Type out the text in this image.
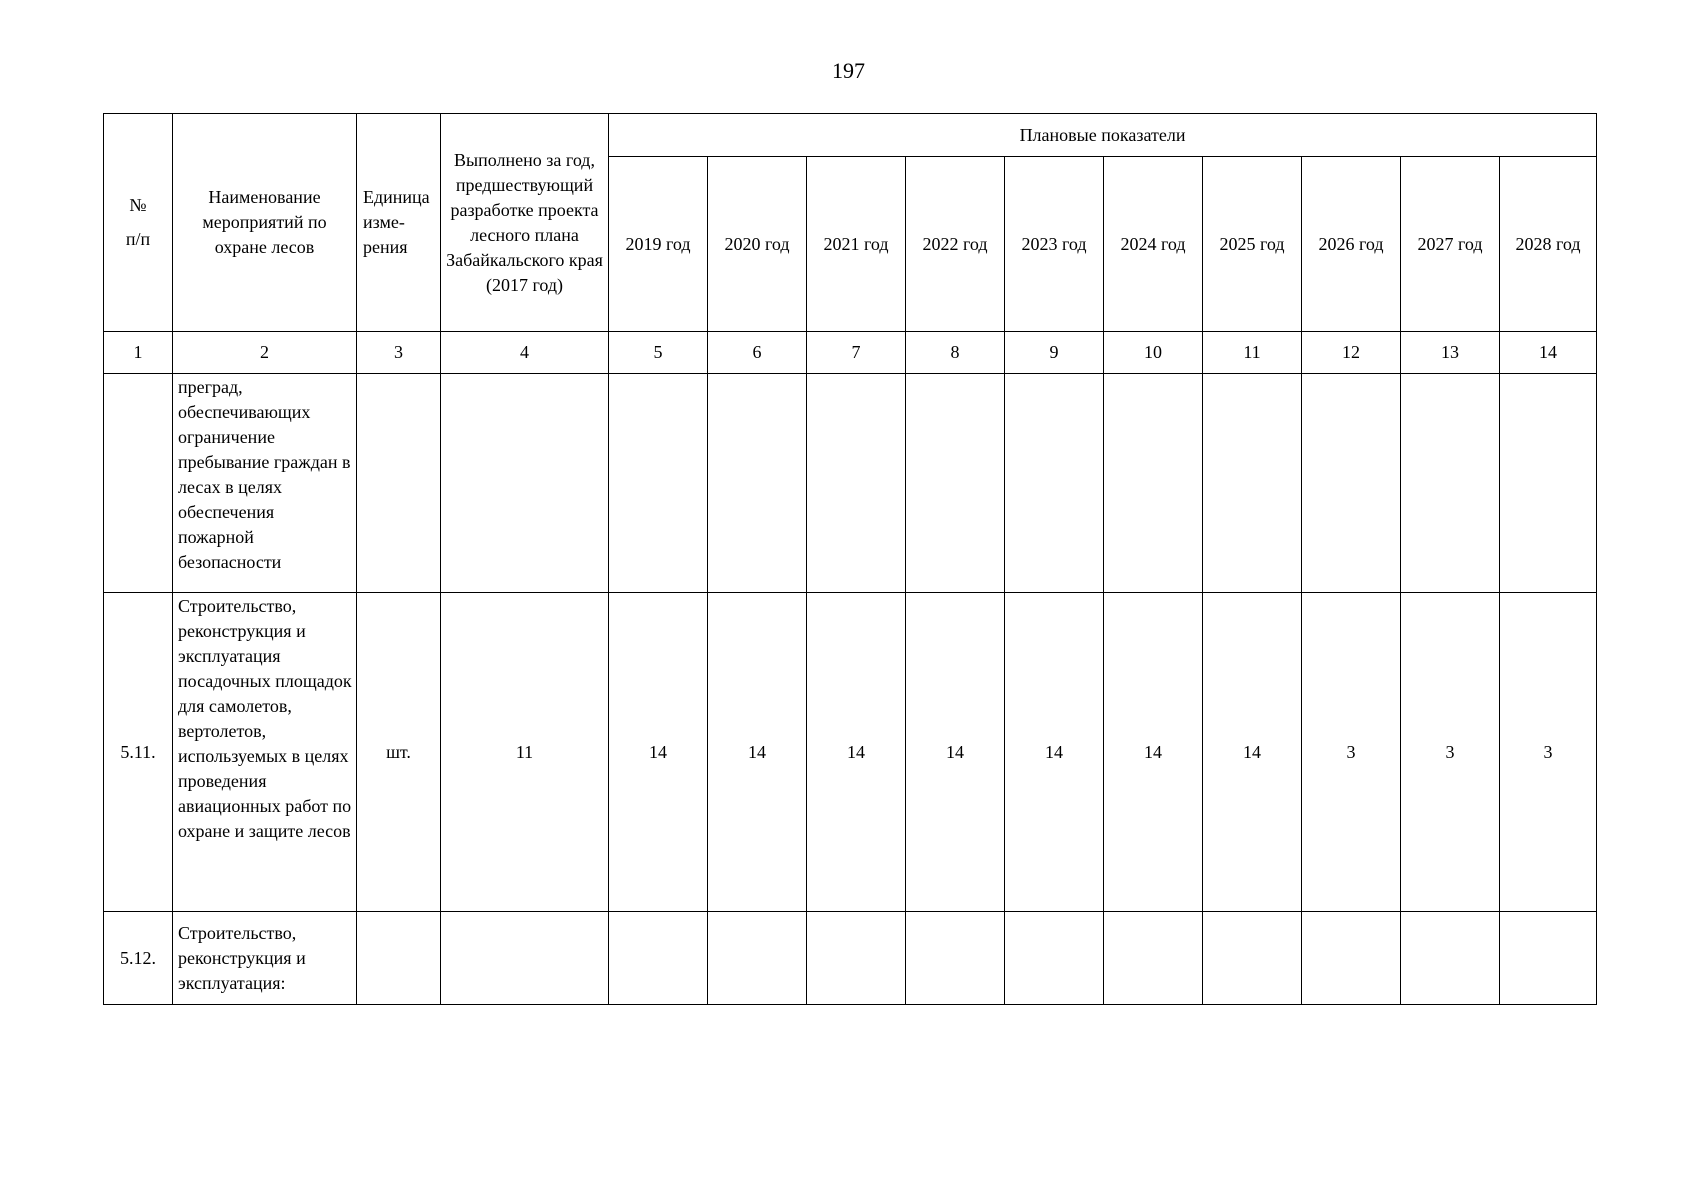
197
№
п/п	Наименование мероприятий по охране лесов	Единица изме- рения	Выполнено за год, предшествующий разработке проекта лесного плана Забайкальского края (2017 год)	Плановые показатели									
				2019 год	2020 год	2021 год	2022 год	2023 год	2024 год	2025 год	2026 год	2027 год	2028 год
1	2	3	4	5	6	7	8	9	10	11	12	13	14
	преград, обеспечивающих ограничение пребывание граждан в лесах в целях обеспечения пожарной безопасности												
5.11.	Строительство, реконструкция и эксплуатация посадочных площадок для самолетов, вертолетов, используемых в целях проведения авиационных работ по охране и защите лесов	шт.	11	14	14	14	14	14	14	14	3	3	3
5.12.	Строительство, реконструкция и эксплуатация:												
